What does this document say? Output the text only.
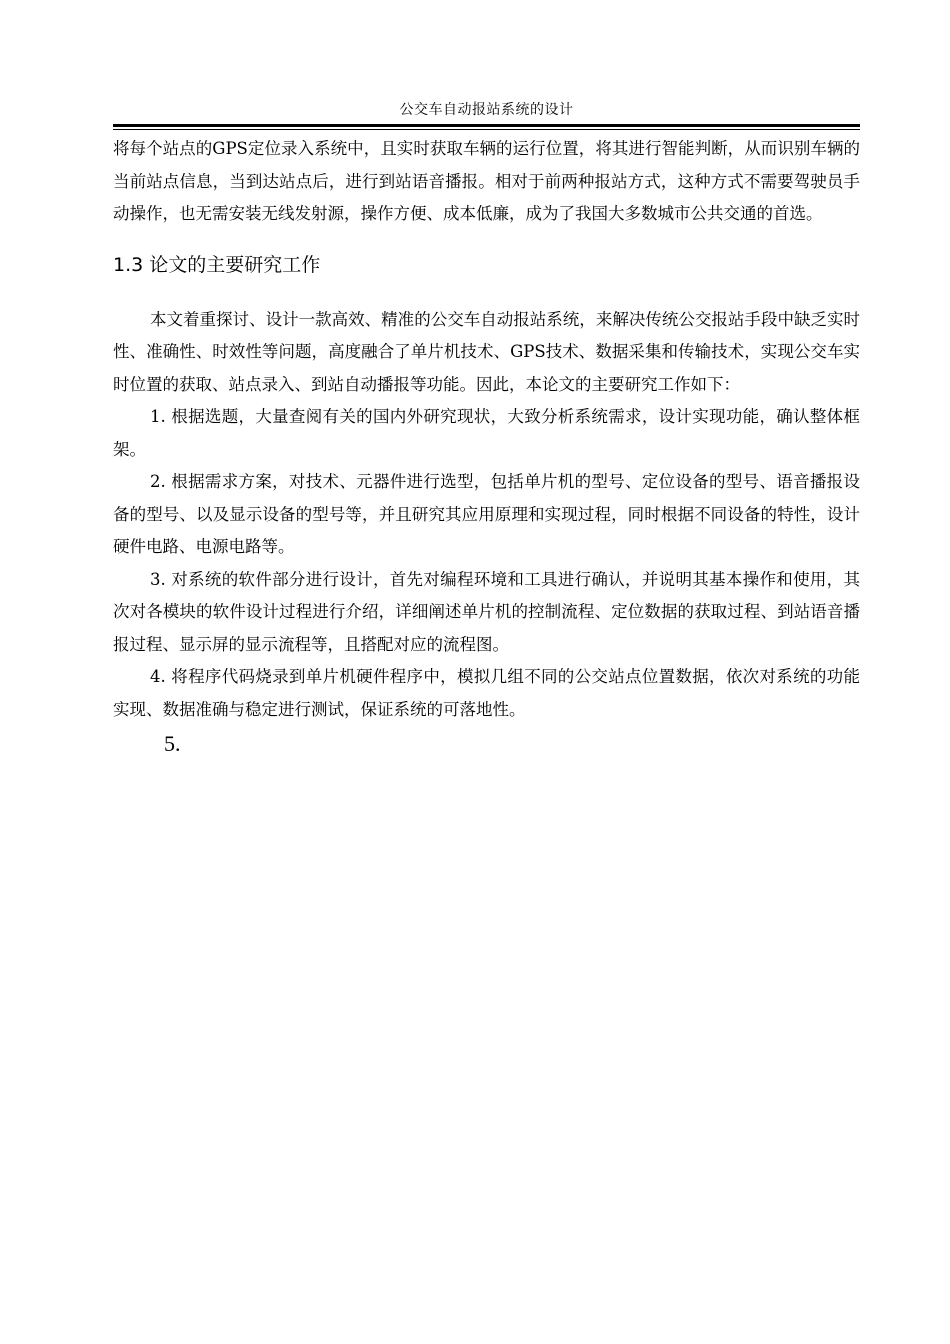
公交车自动报站系统的设计

将每个站点的GPS定位录入系统中，且实时获取车辆的运行位置，将其进行智能判断，从而识别车辆的当前站点信息，当到达站点后，进行到站语音播报。相对于前两种报站方式，这种方式不需要驾驶员手动操作，也无需安装无线发射源，操作方便、成本低廉，成为了我国大多数城市公共交通的首选。

1.3 论文的主要研究工作

本文着重探讨、设计一款高效、精准的公交车自动报站系统，来解决传统公交报站手段中缺乏实时性、准确性、时效性等问题，高度融合了单片机技术、GPS技术、数据采集和传输技术，实现公交车实时位置的获取、站点录入、到站自动播报等功能。因此，本论文的主要研究工作如下：

1. 根据选题，大量查阅有关的国内外研究现状，大致分析系统需求，设计实现功能，确认整体框架。

2. 根据需求方案，对技术、元器件进行选型，包括单片机的型号、定位设备的型号、语音播报设备的型号、以及显示设备的型号等，并且研究其应用原理和实现过程，同时根据不同设备的特性，设计硬件电路、电源电路等。

3. 对系统的软件部分进行设计，首先对编程环境和工具进行确认，并说明其基本操作和使用，其次对各模块的软件设计过程进行介绍，详细阐述单片机的控制流程、定位数据的获取过程、到站语音播报过程、显示屏的显示流程等，且搭配对应的流程图。

4. 将程序代码烧录到单片机硬件程序中，模拟几组不同的公交站点位置数据，依次对系统的功能实现、数据准确与稳定进行测试，保证系统的可落地性。

5.
